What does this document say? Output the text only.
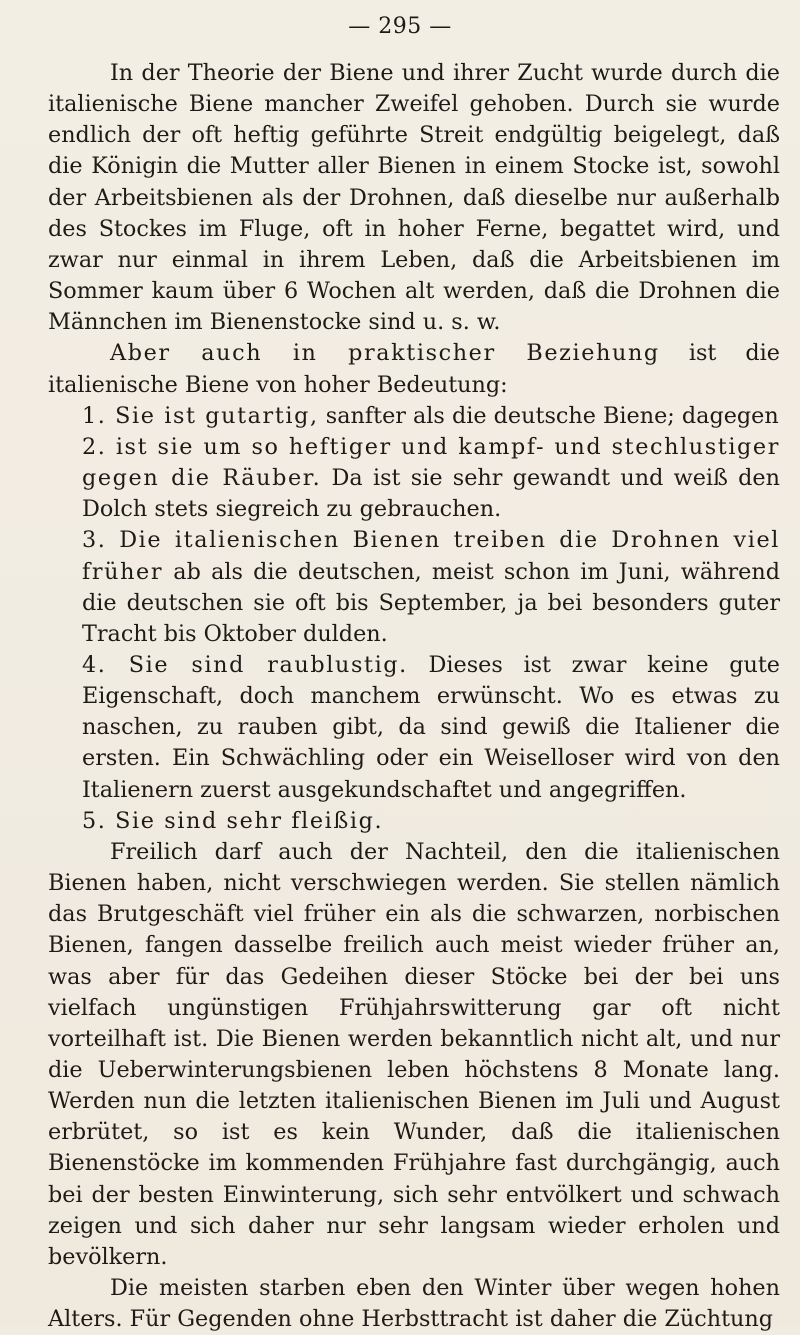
— 295 —

In der Theorie der Biene und ihrer Zucht wurde durch die italienische Biene mancher Zweifel gehoben. Durch sie wurde endlich der oft heftig geführte Streit endgültig beigelegt, daß die Königin die Mutter aller Bienen in einem Stocke ist, sowohl der Arbeitsbienen als der Drohnen, daß dieselbe nur außerhalb des Stockes im Fluge, oft in hoher Ferne, begattet wird, und zwar nur einmal in ihrem Leben, daß die Arbeitsbienen im Sommer kaum über 6 Wochen alt werden, daß die Drohnen die Männchen im Bienenstocke sind u. s. w.

Aber auch in praktischer Beziehung ist die italienische Biene von hoher Bedeutung:

1. Sie ist gutartig, sanfter als die deutsche Biene; dagegen

2. ist sie um so heftiger und kampf- und stechlustiger gegen die Räuber. Da ist sie sehr gewandt und weiß den Dolch stets siegreich zu gebrauchen.

3. Die italienischen Bienen treiben die Drohnen viel früher ab als die deutschen, meist schon im Juni, während die deutschen sie oft bis September, ja bei besonders guter Tracht bis Oktober dulden.

4. Sie sind raublustig. Dieses ist zwar keine gute Eigenschaft, doch manchem erwünscht. Wo es etwas zu naschen, zu rauben gibt, da sind gewiß die Italiener die ersten. Ein Schwächling oder ein Weiselloser wird von den Italienern zuerst ausgekundschaftet und angegriffen.

5. Sie sind sehr fleißig.

Freilich darf auch der Nachteil, den die italienischen Bienen haben, nicht verschwiegen werden. Sie stellen nämlich das Brutgeschäft viel früher ein als die schwarzen, norbischen Bienen, fangen dasselbe freilich auch meist wieder früher an, was aber für das Gedeihen dieser Stöcke bei der bei uns vielfach ungünstigen Frühjahrswitterung gar oft nicht vorteilhaft ist. Die Bienen werden bekanntlich nicht alt, und nur die Ueberwinterungsbienen leben höchstens 8 Monate lang. Werden nun die letzten italienischen Bienen im Juli und August erbrütet, so ist es kein Wunder, daß die italienischen Bienenstöcke im kommenden Frühjahre fast durchgängig, auch bei der besten Einwinterung, sich sehr entvölkert und schwach zeigen und sich daher nur sehr langsam wieder erholen und bevölkern.

Die meisten starben eben den Winter über wegen hohen Alters. Für Gegenden ohne Herbsttracht ist daher die Züchtung
